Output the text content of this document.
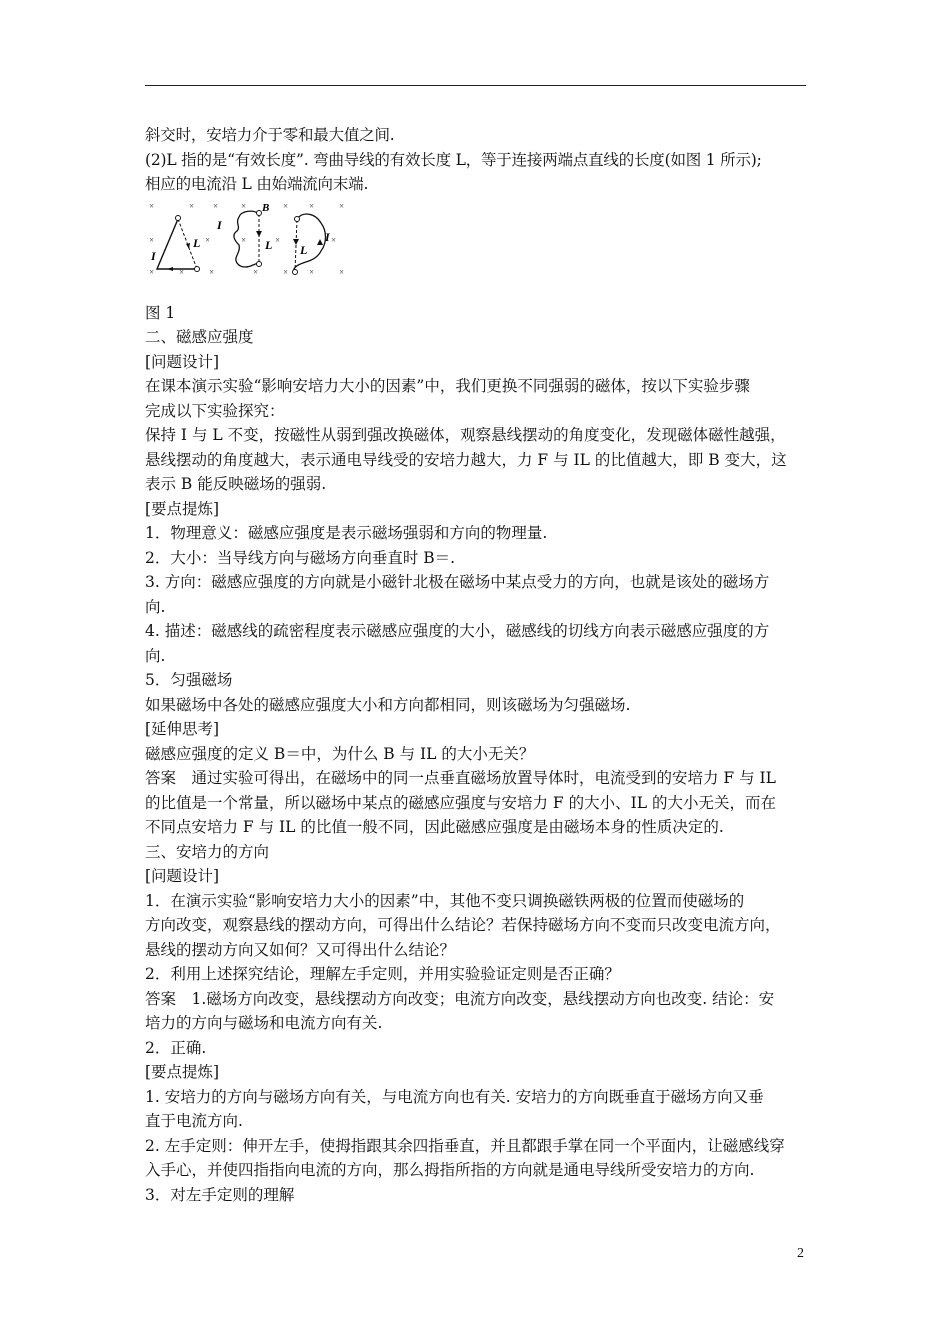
斜交时，安培力介于零和最大值之间.
(2)L 指的是“有效长度”. 弯曲导线的有效长度 L，等于连接两端点直线的长度(如图 1 所示);
相应的电流沿 L 由始端流向末端.
×	× ×	×	× ×	×
×	×	×	×	×
×	×	×	×	× ×	×
I
L
B
I
L L
I
图 1
二、磁感应强度
[问题设计]
在课本演示实验“影响安培力大小的因素”中，我们更换不同强弱的磁体，按以下实验步骤
完成以下实验探究：
保持 I 与 L 不变，按磁性从弱到强改换磁体，观察悬线摆动的角度变化，发现磁体磁性越强，
悬线摆动的角度越大，表示通电导线受的安培力越大，力 F 与 IL 的比值越大，即 B 变大，这
表示 B 能反映磁场的强弱.
[要点提炼]
1．物理意义：磁感应强度是表示磁场强弱和方向的物理量.
2．大小：当导线方向与磁场方向垂直时 B＝.
3. 方向：磁感应强度的方向就是小磁针北极在磁场中某点受力的方向，也就是该处的磁场方
向.
4. 描述：磁感线的疏密程度表示磁感应强度的大小，磁感线的切线方向表示磁感应强度的方
向.
5．匀强磁场
如果磁场中各处的磁感应强度大小和方向都相同，则该磁场为匀强磁场.
[延伸思考]
磁感应强度的定义 B＝中，为什么 B 与 IL 的大小无关？
答案　通过实验可得出，在磁场中的同一点垂直磁场放置导体时，电流受到的安培力 F 与 IL
的比值是一个常量，所以磁场中某点的磁感应强度与安培力 F 的大小、IL 的大小无关，而在
不同点安培力 F 与 IL 的比值一般不同，因此磁感应强度是由磁场本身的性质决定的.
三、安培力的方向
[问题设计]
1．在演示实验“影响安培力大小的因素”中，其他不变只调换磁铁两极的位置而使磁场的
方向改变，观察悬线的摆动方向，可得出什么结论？若保持磁场方向不变而只改变电流方向，
悬线的摆动方向又如何？又可得出什么结论？
2．利用上述探究结论，理解左手定则，并用实验验证定则是否正确？
答案　1.磁场方向改变，悬线摆动方向改变；电流方向改变，悬线摆动方向也改变. 结论：安
培力的方向与磁场和电流方向有关.
2．正确.
[要点提炼]
1. 安培力的方向与磁场方向有关，与电流方向也有关. 安培力的方向既垂直于磁场方向又垂
直于电流方向.
2. 左手定则：伸开左手，使拇指跟其余四指垂直，并且都跟手掌在同一个平面内，让磁感线穿
入手心，并使四指指向电流的方向，那么拇指所指的方向就是通电导线所受安培力的方向.
3．对左手定则的理解
2
